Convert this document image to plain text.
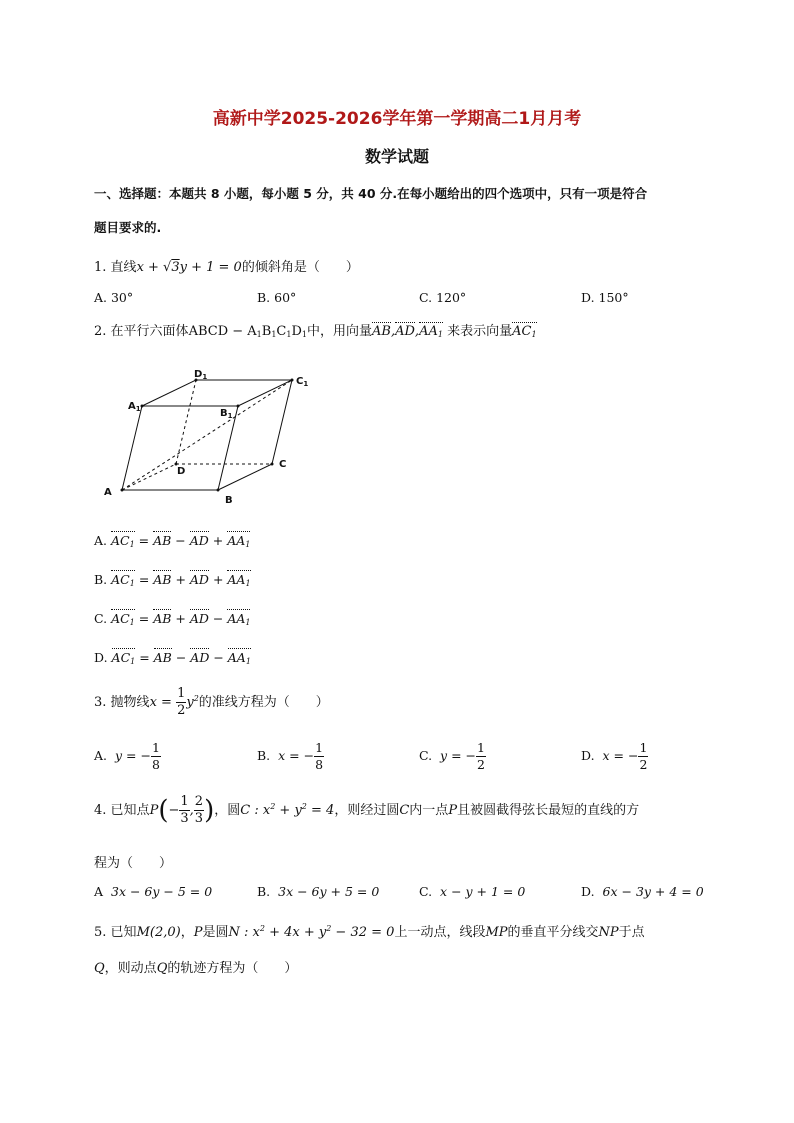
高新中学2025-2026学年第一学期高二1月月考
数学试题
一、选择题：本题共 8 小题，每小题 5 分，共 40 分.在每小题给出的四个选项中，只有一项是符合
题目要求的.
1. 直线x + √3y + 1 = 0的倾斜角是（　　）
A. 30°	B. 60°	C. 120°	D. 150°
2. 在平行六面体ABCD − $A_1B_1C_1D_1$中，用向量$AB,AD,AA_1$ 来表示向量$AC_1$
$D_1$	$C_1$
$A_1$	$B_1$
D
C
A
B
A. $AC_1$ = AB − AD + $AA_1$
B. $AC_1$ = AB + AD + $AA_1$
C. $AC_1$ = AB + AD − $AA_1$
D. $AC_1$ = AB − AD − $AA_1$
3. 抛物线$x = \frac{1}{2} y^2$的准线方程为（　　）
A.  y = − $\frac{1}{8}$	B.  x = − $\frac{1}{8}$	C.  y = − $\frac{1}{2}$	D.  x = − $\frac{1}{2}$
4. 已知点$P(- \frac{1}{3}$ , $\frac{2}{3}$ )，圆C : $x^2 + y^2 = 4$，则经过圆C内一点P且被圆截得弦长最短的直线的方
程为（　　）
A  3x − 6y − 5 = 0	B.  3x − 6y + 5 = 0	C.  x − y + 1 = 0	D.  6x − 3y + 4 = 0
5. 已知M(2,0)，P是圆N : $x^2 + 4x + y^2 - 32 = 0$上一动点，线段MP的垂直平分线交NP于点
Q，则动点Q的轨迹方程为（　　）
